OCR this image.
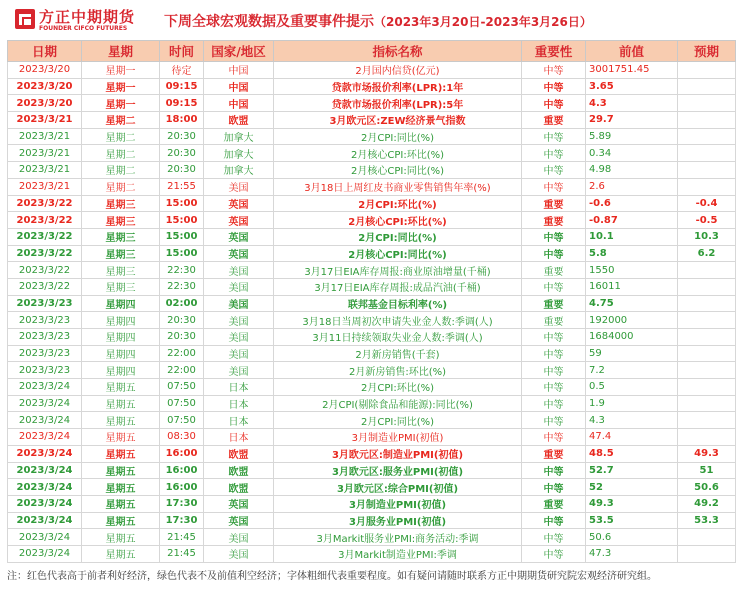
方正中期期货
FOUNDER CIFCO FUTURES	下周全球宏观数据及重要事件提示（2023年3月20日-2023年3月26日）
日期	星期	时间	国家/地区	指标名称	重要性	前值	预期
2023/3/20	星期一	待定	中国	2月国内信贷(亿元)	中等	3001751.45	
2023/3/20	星期一	09:15	中国	贷款市场报价利率(LPR):1年	中等	3.65	
2023/3/20	星期一	09:15	中国	贷款市场报价利率(LPR):5年	中等	4.3	
2023/3/21	星期二	18:00	欧盟	3月欧元区:ZEW经济景气指数	重要	29.7	
2023/3/21	星期二	20:30	加拿大	2月CPI:同比(%)	中等	5.89	
2023/3/21	星期二	20:30	加拿大	2月核心CPI:环比(%)	中等	0.34	
2023/3/21	星期二	20:30	加拿大	2月核心CPI:同比(%)	中等	4.98	
2023/3/21	星期二	21:55	美国	3月18日上周红皮书商业零售销售年率(%)	中等	2.6	
2023/3/22	星期三	15:00	英国	2月CPI:环比(%)	重要	-0.6	-0.4
2023/3/22	星期三	15:00	英国	2月核心CPI:环比(%)	重要	-0.87	-0.5
2023/3/22	星期三	15:00	英国	2月CPI:同比(%)	中等	10.1	10.3
2023/3/22	星期三	15:00	英国	2月核心CPI:同比(%)	中等	5.8	6.2
2023/3/22	星期三	22:30	美国	3月17日EIA库存周报:商业原油增量(千桶)	重要	1550	
2023/3/22	星期三	22:30	美国	3月17日EIA库存周报:成品汽油(千桶)	中等	16011	
2023/3/23	星期四	02:00	美国	联邦基金目标利率(%)	重要	4.75	
2023/3/23	星期四	20:30	美国	3月18日当周初次申请失业金人数:季调(人)	重要	192000	
2023/3/23	星期四	20:30	美国	3月11日持续领取失业金人数:季调(人)	中等	1684000	
2023/3/23	星期四	22:00	美国	2月新房销售(千套)	中等	59	
2023/3/23	星期四	22:00	美国	2月新房销售:环比(%)	中等	7.2	
2023/3/24	星期五	07:50	日本	2月CPI:环比(%)	中等	0.5	
2023/3/24	星期五	07:50	日本	2月CPI(剔除食品和能源):同比(%)	中等	1.9	
2023/3/24	星期五	07:50	日本	2月CPI:同比(%)	中等	4.3	
2023/3/24	星期五	08:30	日本	3月制造业PMI(初值)	中等	47.4	
2023/3/24	星期五	16:00	欧盟	3月欧元区:制造业PMI(初值)	重要	48.5	49.3
2023/3/24	星期五	16:00	欧盟	3月欧元区:服务业PMI(初值)	中等	52.7	51
2023/3/24	星期五	16:00	欧盟	3月欧元区:综合PMI(初值)	中等	52	50.6
2023/3/24	星期五	17:30	英国	3月制造业PMI(初值)	重要	49.3	49.2
2023/3/24	星期五	17:30	英国	3月服务业PMI(初值)	中等	53.5	53.3
2023/3/24	星期五	21:45	美国	3月Markit服务业PMI:商务活动:季调	中等	50.6	
2023/3/24	星期五	21:45	美国	3月Markit制造业PMI:季调	中等	47.3	
注：红色代表高于前者利好经济，绿色代表不及前值利空经济；字体粗细代表重要程度。如有疑问请随时联系方正中期期货研究院宏观经济研究组。
